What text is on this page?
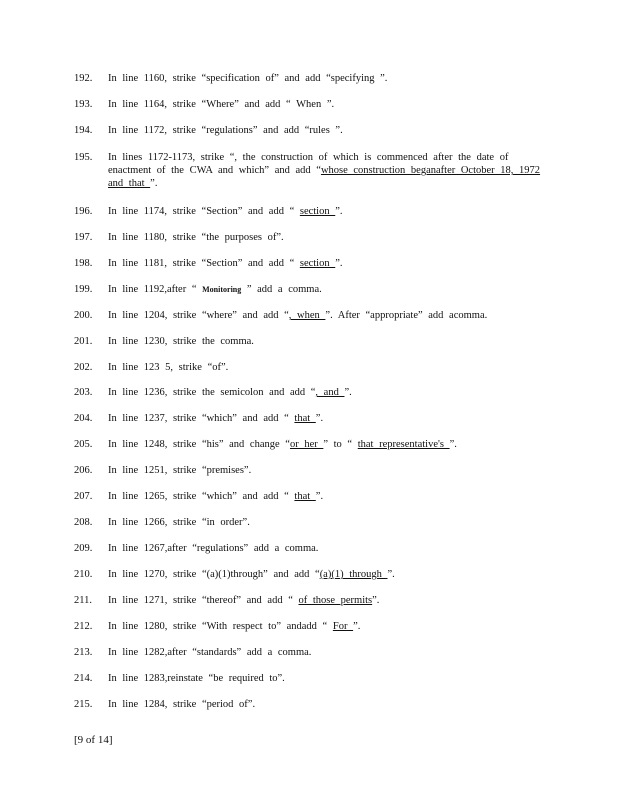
192.	In line 1160, strike “specification of” and add “specifying ”.
193.	In line 1164, strike “Where” and add “ When ”.
194.	In line 1172, strike “regulations” and add “rules ”.
195.	In lines 1172-1173, strike “, the construction of which is commenced after the date of enactment of the CWA and which” and add “whose construction beganafter October 18, 1972 and that ”.
196.	In line 1174, strike “Section” and add “ section ”.
197.	In line 1180, strike “the purposes of”.
198.	In line 1181, strike “Section” and add “ section ”.
199.	In line 1192,after “ Monitoring ” add a comma.
200.	In line 1204, strike “where” and add “, when ”. After “appropriate” add acomma.
201.	In line 1230, strike the comma.
202.	In line 123 5, strike “of”.
203.	In line 1236, strike the semicolon and add “, and ”.
204.	In line 1237, strike “which” and add “ that ”.
205.	In line 1248, strike “his” and change “or her ” to “ that representative's ”.
206.	In line 1251, strike “premises”.
207.	In line 1265, strike “which” and add “ that ”.
208.	In line 1266, strike “in order”.
209.	In line 1267,after “regulations” add a comma.
210.	In line 1270, strike “(a)(1)through” and add “(a)(1) through ”.
211.	In line 1271, strike “thereof” and add “ of those permits”.
212.	In line 1280, strike “With respect to” andadd “ For ”.
213.	In line 1282,after “standards” add a comma.
214.	In line 1283,reinstate “be required to”.
215.	In line 1284, strike “period of”.
[9 of 14]
